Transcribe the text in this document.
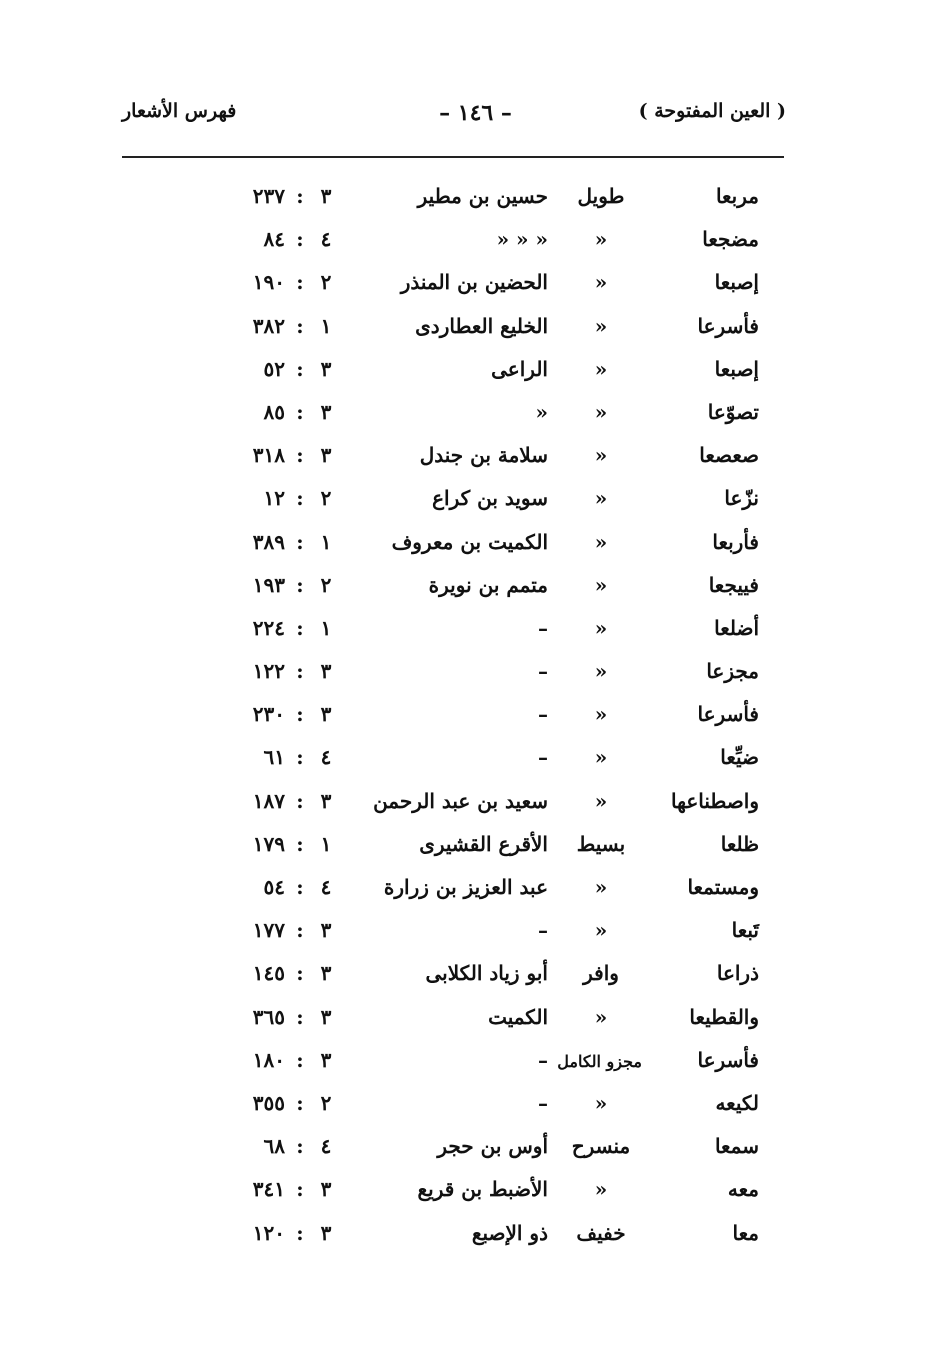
( العين المفتوحة )
– ١٤٦ –
فهرس الأشعار
مربعا
طويل
حسين بن مطير
٣
:
٢٣٧
مضجعا
«
« « «
٤
:
٨٤
إصبعا
«
الحضين بن المنذر
٢
:
١٩٠
فأسرعا
«
الخليع العطاردى
١
:
٣٨٢
إصبعا
«
الراعى
٣
:
٥٢
تصوّعا
«
«
٣
:
٨٥
صعصعا
«
سلامة بن جندل
٣
:
٣١٨
نزّعا
«
سويد بن كراع
٢
:
١٢
فأربعا
«
الكميت بن معروف
١
:
٣٨٩
فييجعا
«
متمم بن نويرة
٢
:
١٩٣
أضلعا
«
–
١
:
٢٢٤
مجزعا
«
–
٣
:
١٢٢
فأسرعا
«
–
٣
:
٢٣٠
ضيِّعا
«
–
٤
:
٦١
واصطناعها
«
سعيد بن عبد الرحمن
٣
:
١٨٧
ظلعا
بسيط
الأقرع القشيرى
١
:
١٧٩
ومستمعا
«
عبد العزيز بن زرارة
٤
:
٥٤
تَبعا
«
–
٣
:
١٧٧
ذراعا
وافر
أبو زياد الكلابى
٣
:
١٤٥
والقطيعا
«
الكميت
٣
:
٣٦٥
فأسرعا
مجزو الكامل
–
٣
:
١٨٠
لكيعه
«
–
٢
:
٣٥٥
سمعا
منسرح
أوس بن حجر
٤
:
٦٨
معه
«
الأضبط بن قريع
٣
:
٣٤١
معا
خفيف
ذو الإصبع
٣
:
١٢٠
